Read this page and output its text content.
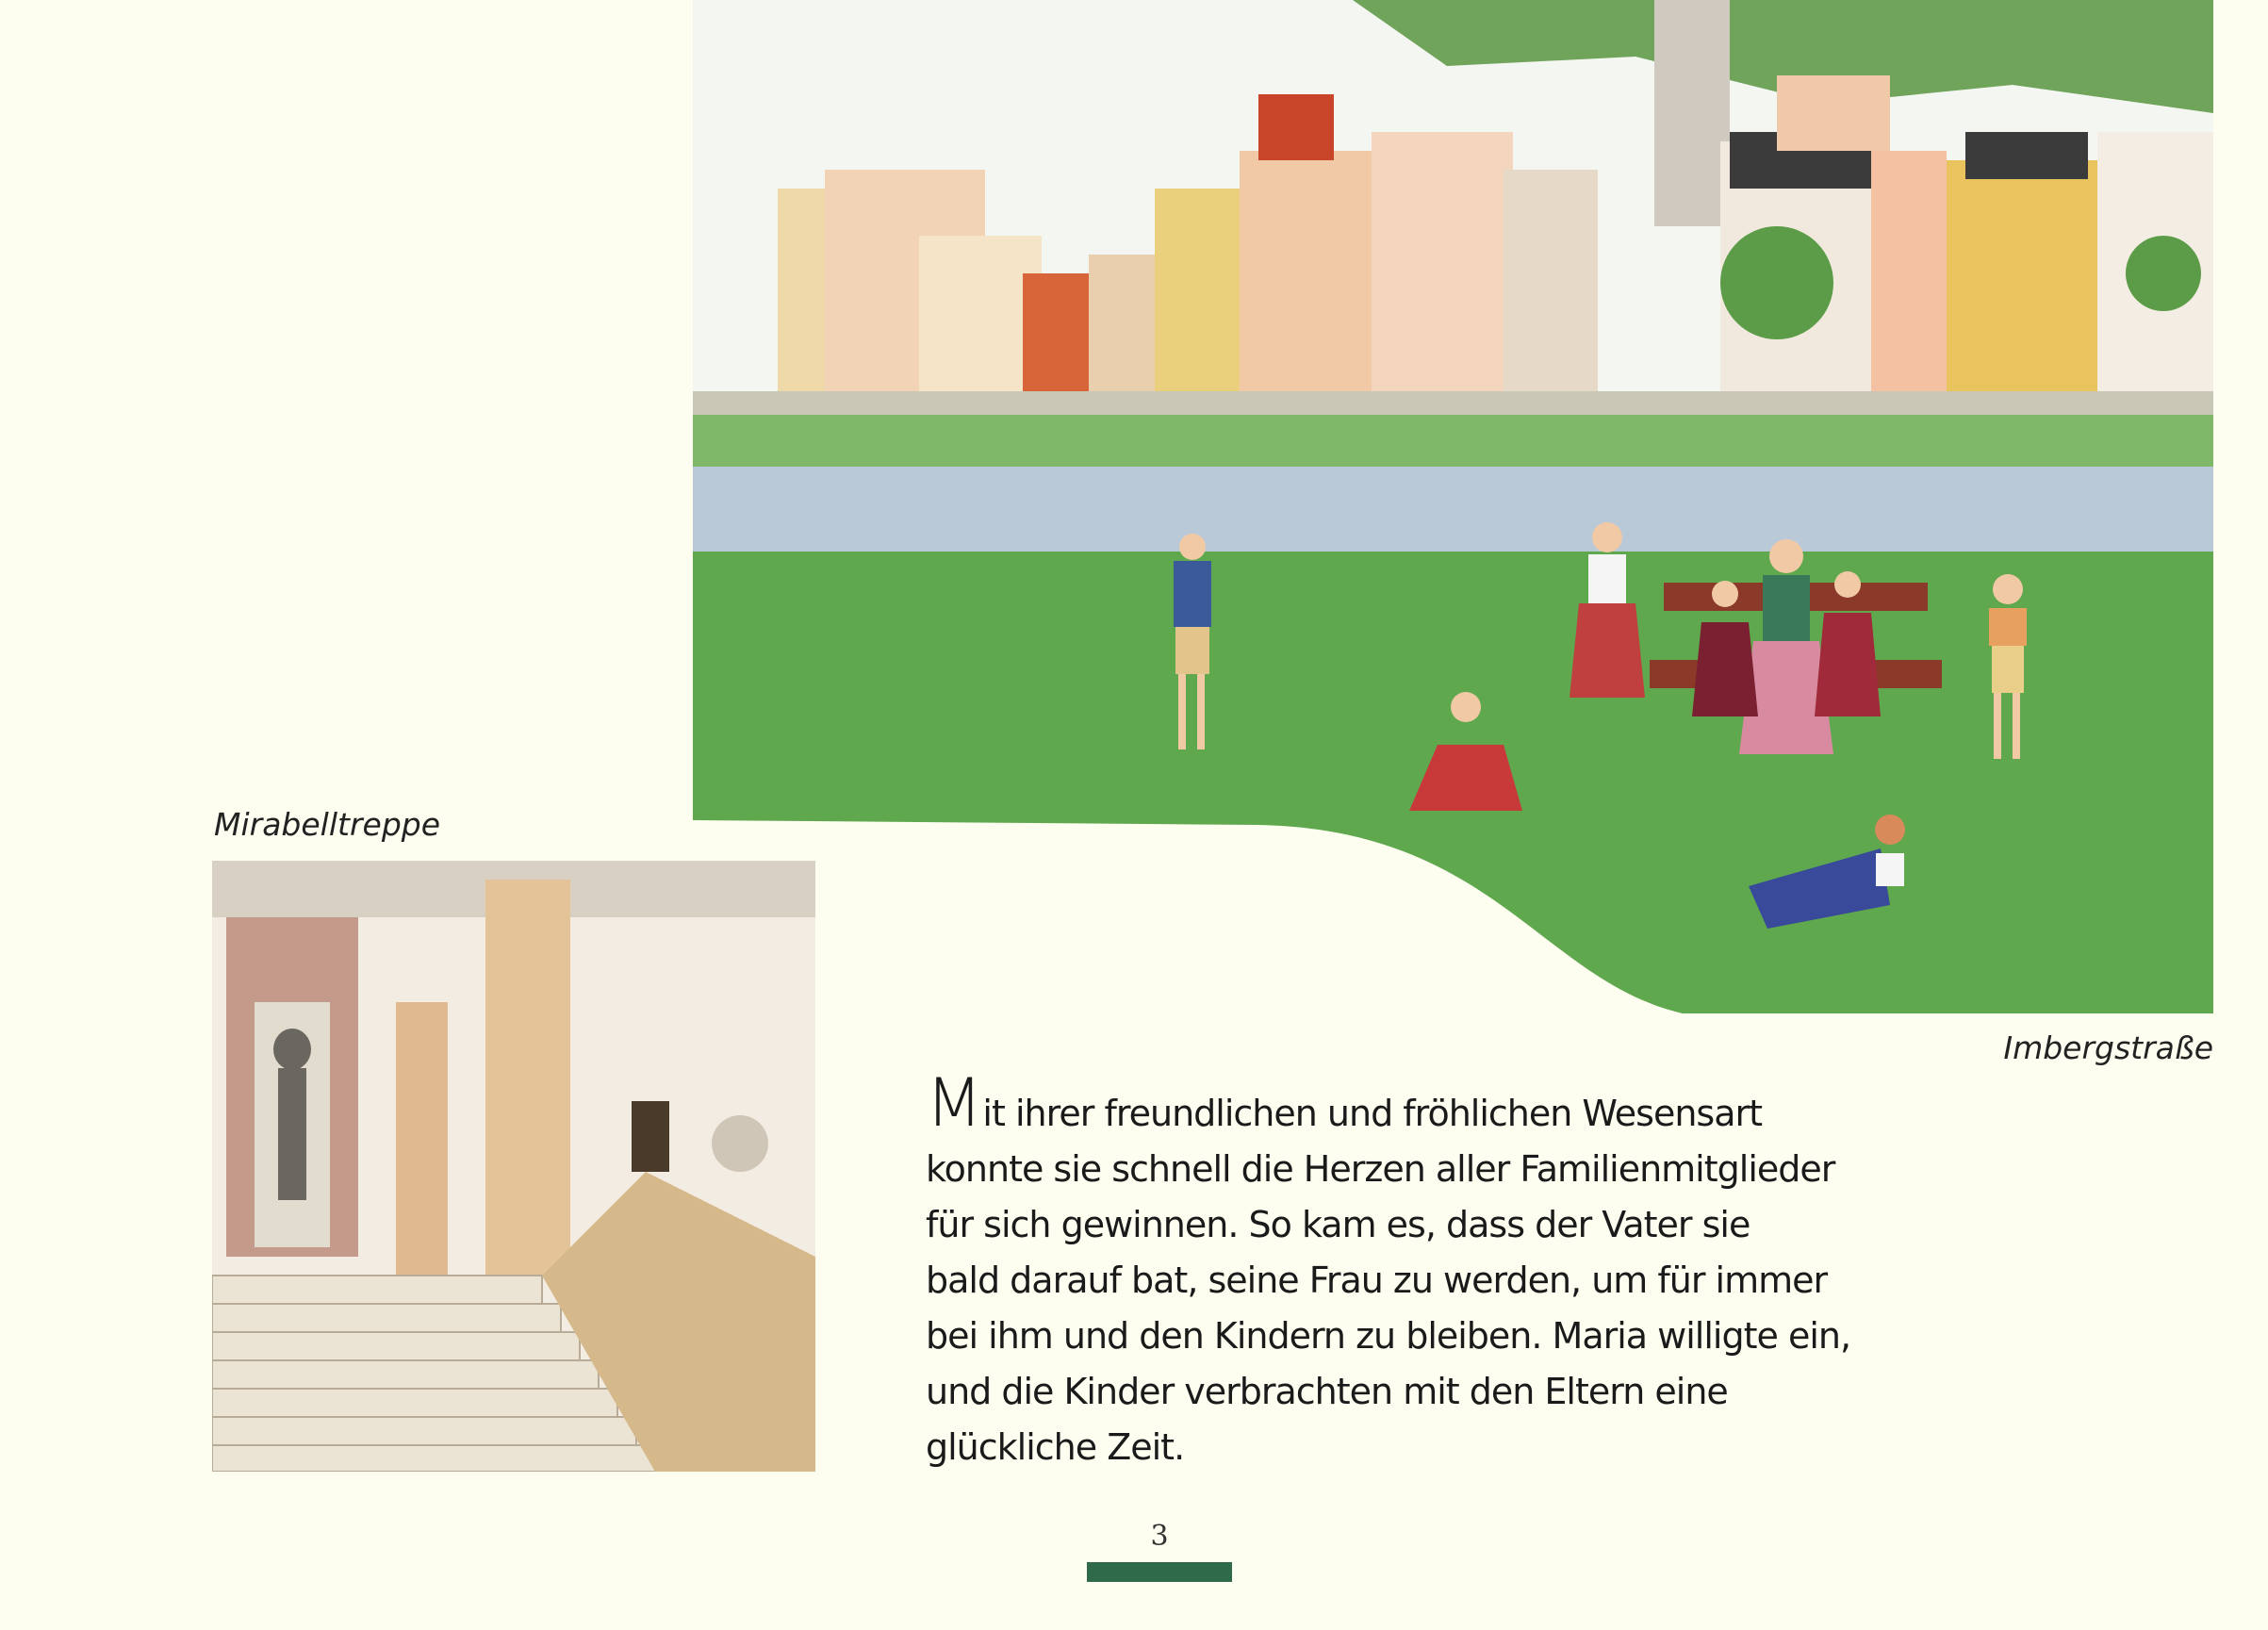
Mirabelltreppe
Imbergstraße
Mit ihrer freundlichen und fröhlichen Wesensart
konnte sie schnell die Herzen aller Familienmitglieder
für sich gewinnen. So kam es, dass der Vater sie
bald darauf bat, seine Frau zu werden, um für immer
bei ihm und den Kindern zu bleiben. Maria willigte ein,
und die Kinder verbrachten mit den Eltern eine
glückliche Zeit.
3
